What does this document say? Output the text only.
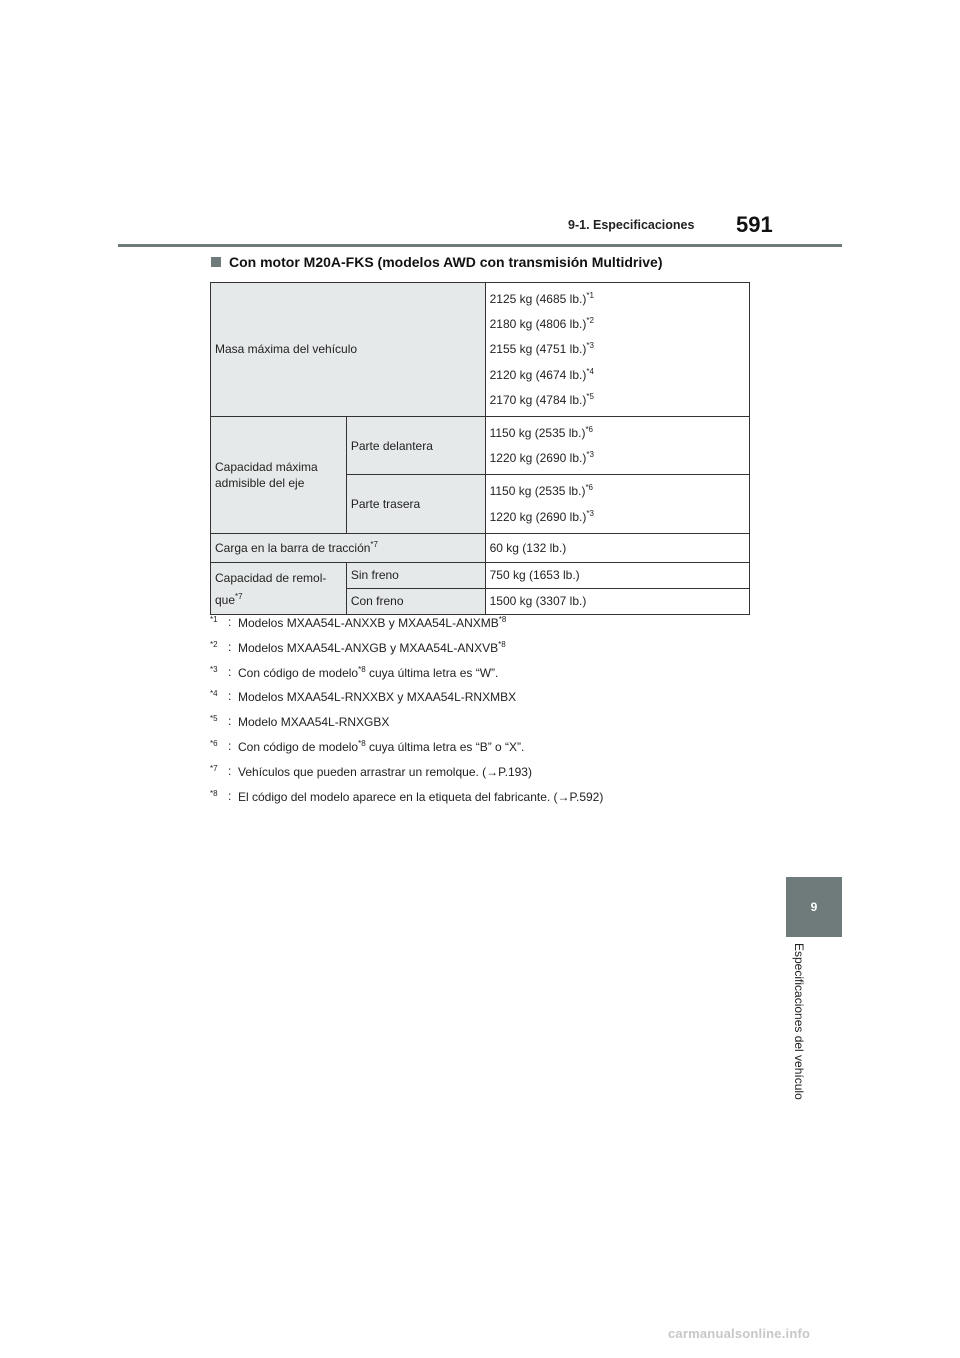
9-1. Especificaciones 591
9
Especificaciones del vehículo
Con motor M20A-FKS (modelos AWD con transmisión Multidrive)
Masa máxima del vehículo		2125 kg (4685 lb.)$^{*1}$
2180 kg (4806 lb.)$^{*2}$
2155 kg (4751 lb.)$^{*3}$
2120 kg (4674 lb.)$^{*4}$
2170 kg (4784 lb.)$^{*5}$

Capacidad máxima admisible del eje	Parte delantera	1150 kg (2535 lb.)$^{*6}$
1220 kg (2690 lb.)$^{*3}$

	Parte trasera	1150 kg (2535 lb.)$^{*6}$
1220 kg (2690 lb.)$^{*3}$

Carga en la barra de tracción$^{*7}$		60 kg (132 lb.)

Capacidad de remol-
que$^{*7}$	Sin freno	750 kg (1653 lb.)
	Con freno	1500 kg (3307 lb.)
*1 : Modelos MXAA54L-ANXXB y MXAA54L-ANXMB$^{*8}$
*2 : Modelos MXAA54L-ANXGB y MXAA54L-ANXVB$^{*8}$
*3 : Con código de modelo$^{*8}$ cuya última letra es “W”.
*4 : Modelos MXAA54L-RNXXBX y MXAA54L-RNXMBX
*5 : Modelo MXAA54L-RNXGBX
*6 : Con código de modelo$^{*8}$ cuya última letra es “B” o “X”.
*7 : Vehículos que pueden arrastrar un remolque. (→P.193)
*8 : El código del modelo aparece en la etiqueta del fabricante. (→P.592)
carmanualsonline.info
